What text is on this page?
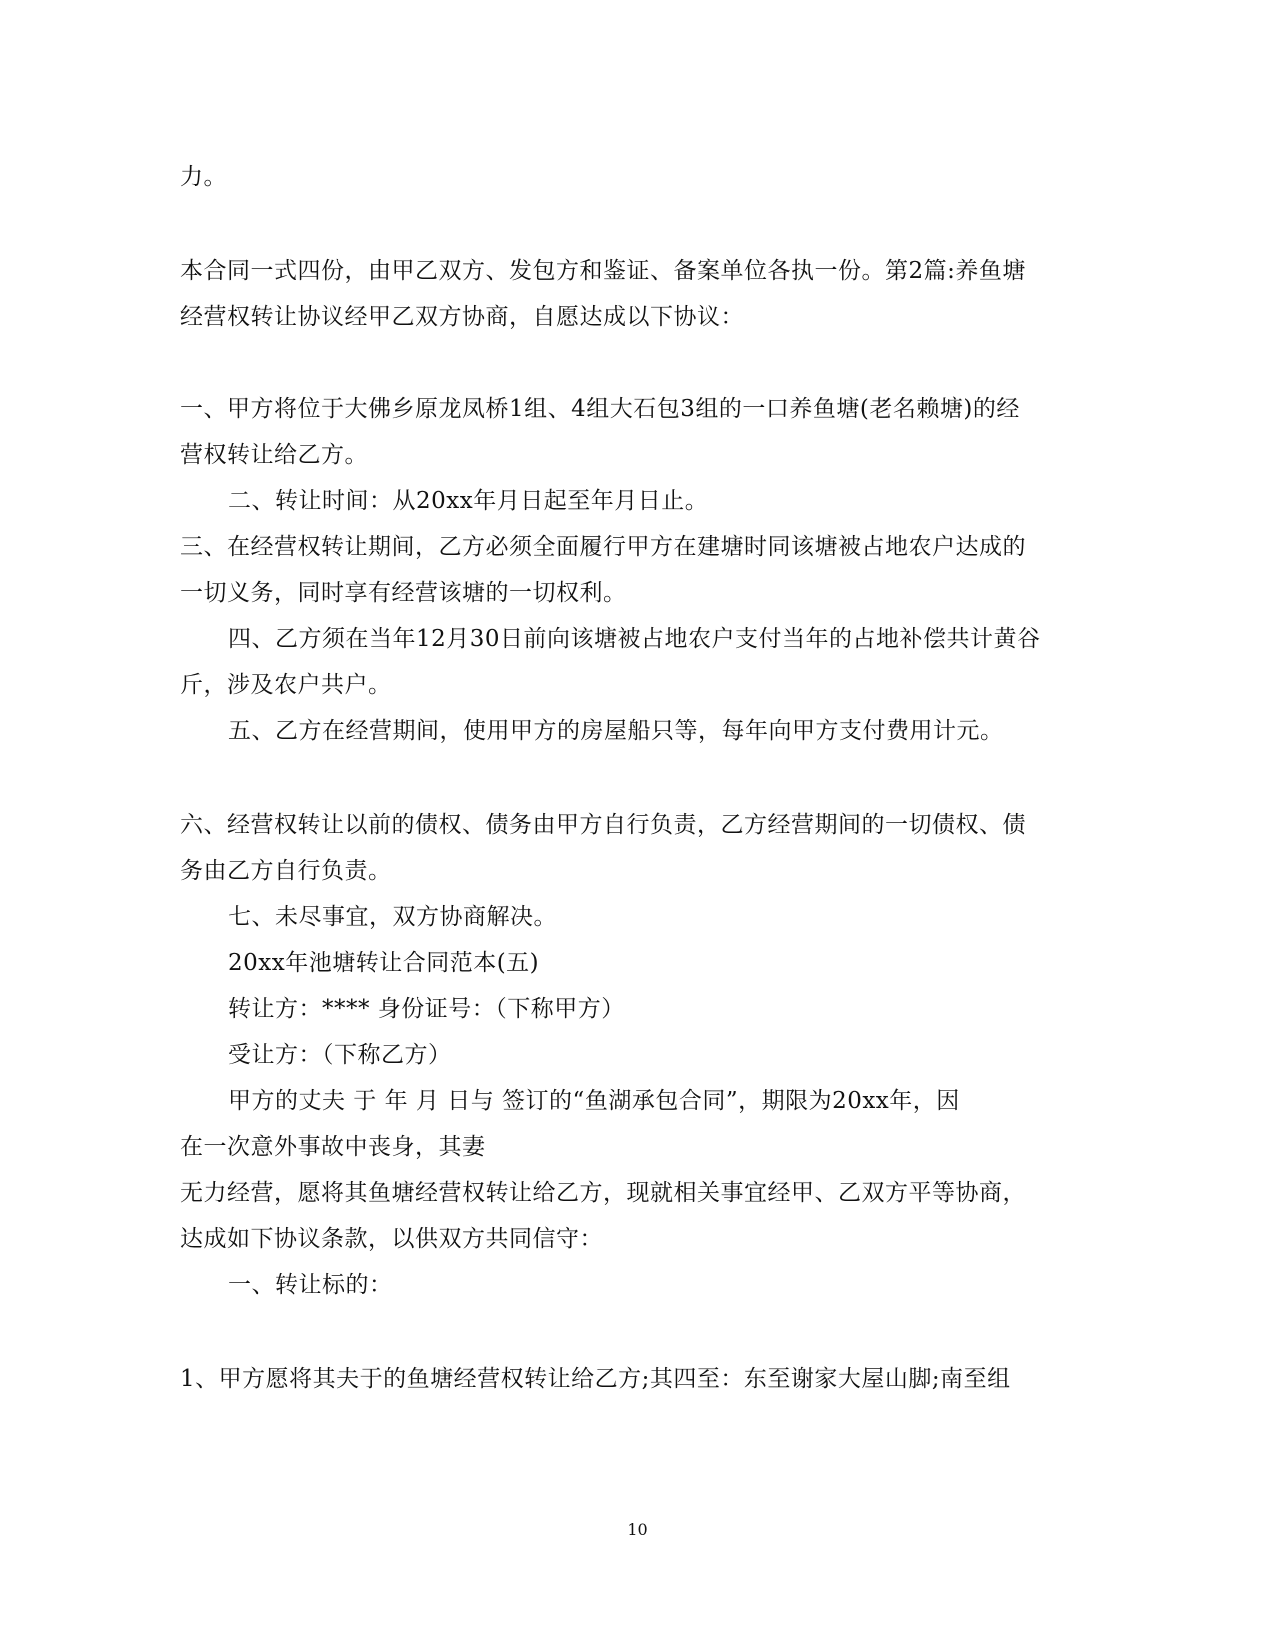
力。
本合同一式四份，由甲乙双方、发包方和鉴证、备案单位各执一份。第2篇:养鱼塘
经营权转让协议经甲乙双方协商，自愿达成以下协议：
一、甲方将位于大佛乡原龙凤桥1组、4组大石包3组的一口养鱼塘(老名赖塘)的经
营权转让给乙方。
二、转让时间：从20xx年月日起至年月日止。
三、在经营权转让期间，乙方必须全面履行甲方在建塘时同该塘被占地农户达成的
一切义务，同时享有经营该塘的一切权利。
四、乙方须在当年12月30日前向该塘被占地农户支付当年的占地补偿共计黄谷
斤，涉及农户共户。
五、乙方在经营期间，使用甲方的房屋船只等，每年向甲方支付费用计元。
六、经营权转让以前的债权、债务由甲方自行负责，乙方经营期间的一切债权、债
务由乙方自行负责。
七、未尽事宜，双方协商解决。
20xx年池塘转让合同范本(五)
转让方：**** 身份证号：（下称甲方）
受让方：（下称乙方）
甲方的丈夫 于 年 月 日与 签订的“鱼湖承包合同”，期限为20xx年，因
在一次意外事故中丧身，其妻
无力经营，愿将其鱼塘经营权转让给乙方，现就相关事宜经甲、乙双方平等协商，
达成如下协议条款，以供双方共同信守：
一、转让标的：
1、甲方愿将其夫于的鱼塘经营权转让给乙方;其四至：东至谢家大屋山脚;南至组
10
